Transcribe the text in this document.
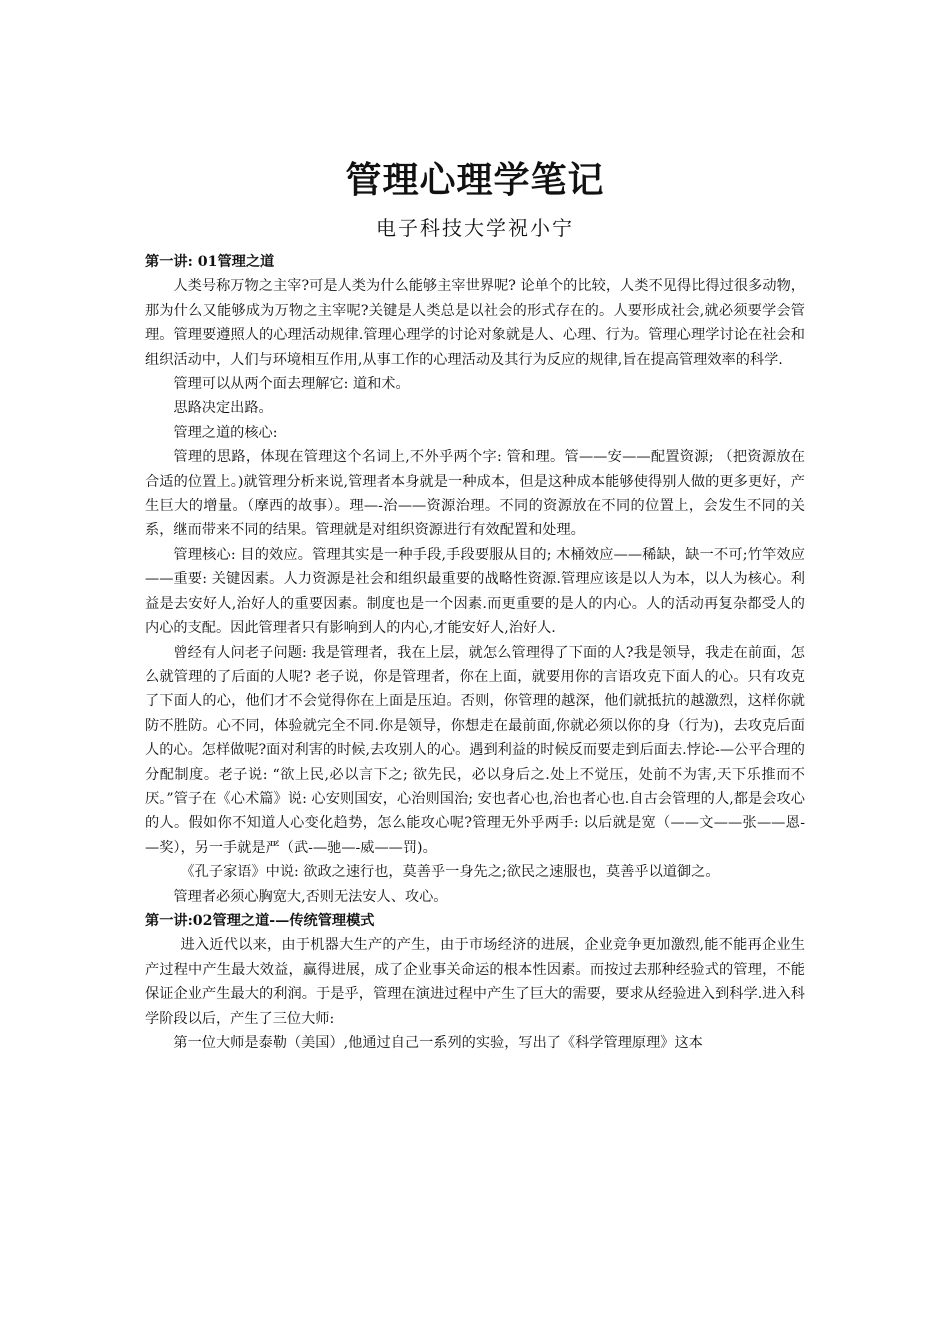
管理心理学笔记
电子科技大学祝小宁

第一讲: 01管理之道

人类号称万物之主宰?可是人类为什么能够主宰世界呢? 论单个的比较，人类不见得比得过很多动物，那为什么又能够成为万物之主宰呢?关键是人类总是以社会的形式存在的。人要形成社会,就必须要学会管理。管理要遵照人的心理活动规律.管理心理学的讨论对象就是人、心理、行为。管理心理学讨论在社会和组织活动中，人们与环境相互作用,从事工作的心理活动及其行为反应的规律,旨在提高管理效率的科学.

管理可以从两个面去理解它: 道和术。

思路决定出路。

管理之道的核心:

管理的思路，体现在管理这个名词上,不外乎两个字: 管和理。管——安——配置资源; （把资源放在合适的位置上。)就管理分析来说,管理者本身就是一种成本，但是这种成本能够使得别人做的更多更好，产生巨大的增量。（摩西的故事）。理—-治——资源治理。不同的资源放在不同的位置上，会发生不同的关系，继而带来不同的结果。管理就是对组织资源进行有效配置和处理。

管理核心: 目的效应。管理其实是一种手段,手段要服从目的; 木桶效应——稀缺，缺一不可;竹竿效应——重要: 关键因素。人力资源是社会和组织最重要的战略性资源.管理应该是以人为本，以人为核心。利益是去安好人,治好人的重要因素。制度也是一个因素.而更重要的是人的内心。人的活动再复杂都受人的内心的支配。因此管理者只有影响到人的内心,才能安好人,治好人.

曾经有人问老子问题: 我是管理者，我在上层，就怎么管理得了下面的人?我是领导，我走在前面，怎么就管理的了后面的人呢? 老子说，你是管理者，你在上面，就要用你的言语攻克下面人的心。只有攻克了下面人的心，他们才不会觉得你在上面是压迫。否则，你管理的越深，他们就抵抗的越激烈，这样你就防不胜防。心不同，体验就完全不同.你是领导，你想走在最前面,你就必须以你的身（行为)，去攻克后面人的心。怎样做呢?面对利害的时候,去攻别人的心。遇到利益的时候反而要走到后面去.悖论-—公平合理的分配制度。老子说: “欲上民,必以言下之; 欲先民，必以身后之.处上不觉压，处前不为害,天下乐推而不厌。”管子在《心术篇》说: 心安则国安，心治则国治; 安也者心也,治也者心也.自古会管理的人,都是会攻心的人。假如你不知道人心变化趋势，怎么能攻心呢?管理无外乎两手: 以后就是宽（——文——张——恩-—奖），另一手就是严（武-—驰—-威——罚)。

《孔子家语》中说: 欲政之速行也，莫善乎一身先之;欲民之速服也，莫善乎以道御之。

管理者必须心胸宽大,否则无法安人、攻心。

第一讲:02管理之道-—传统管理模式

进入近代以来，由于机器大生产的产生，由于市场经济的进展，企业竞争更加激烈,能不能再企业生产过程中产生最大效益，赢得进展，成了企业事关命运的根本性因素。而按过去那种经验式的管理，不能保证企业产生最大的利润。于是乎，管理在演进过程中产生了巨大的需要，要求从经验进入到科学.进入科学阶段以后，产生了三位大师:

第一位大师是泰勒（美国）,他通过自己一系列的实验，写出了《科学管理原理》这本
